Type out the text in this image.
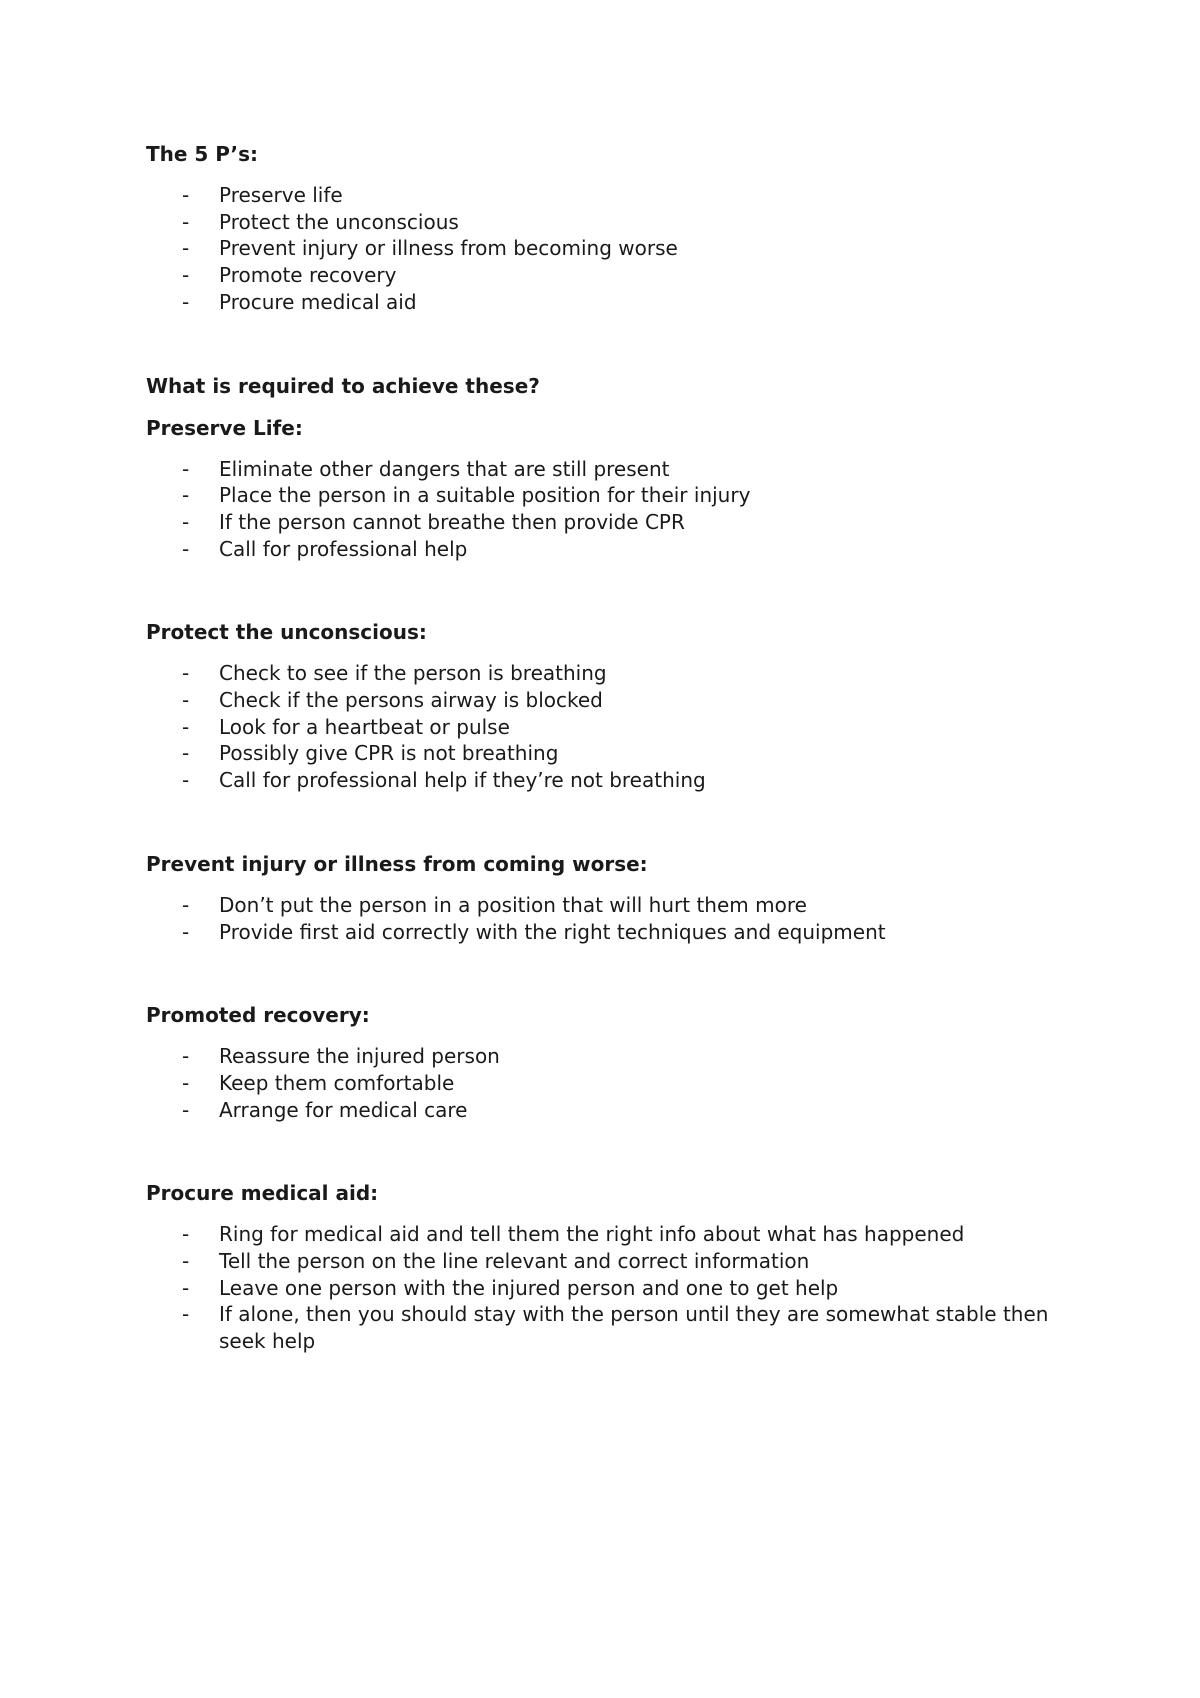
The 5 P’s:

- Preserve life
- Protect the unconscious
- Prevent injury or illness from becoming worse
- Promote recovery
- Procure medical aid

What is required to achieve these?

Preserve Life:

- Eliminate other dangers that are still present
- Place the person in a suitable position for their injury
- If the person cannot breathe then provide CPR
- Call for professional help

Protect the unconscious:

- Check to see if the person is breathing
- Check if the persons airway is blocked
- Look for a heartbeat or pulse
- Possibly give CPR is not breathing
- Call for professional help if they’re not breathing

Prevent injury or illness from coming worse:

- Don’t put the person in a position that will hurt them more
- Provide first aid correctly with the right techniques and equipment

Promoted recovery:

- Reassure the injured person
- Keep them comfortable
- Arrange for medical care

Procure medical aid:

- Ring for medical aid and tell them the right info about what has happened
- Tell the person on the line relevant and correct information
- Leave one person with the injured person and one to get help
- If alone, then you should stay with the person until they are somewhat stable then seek help
